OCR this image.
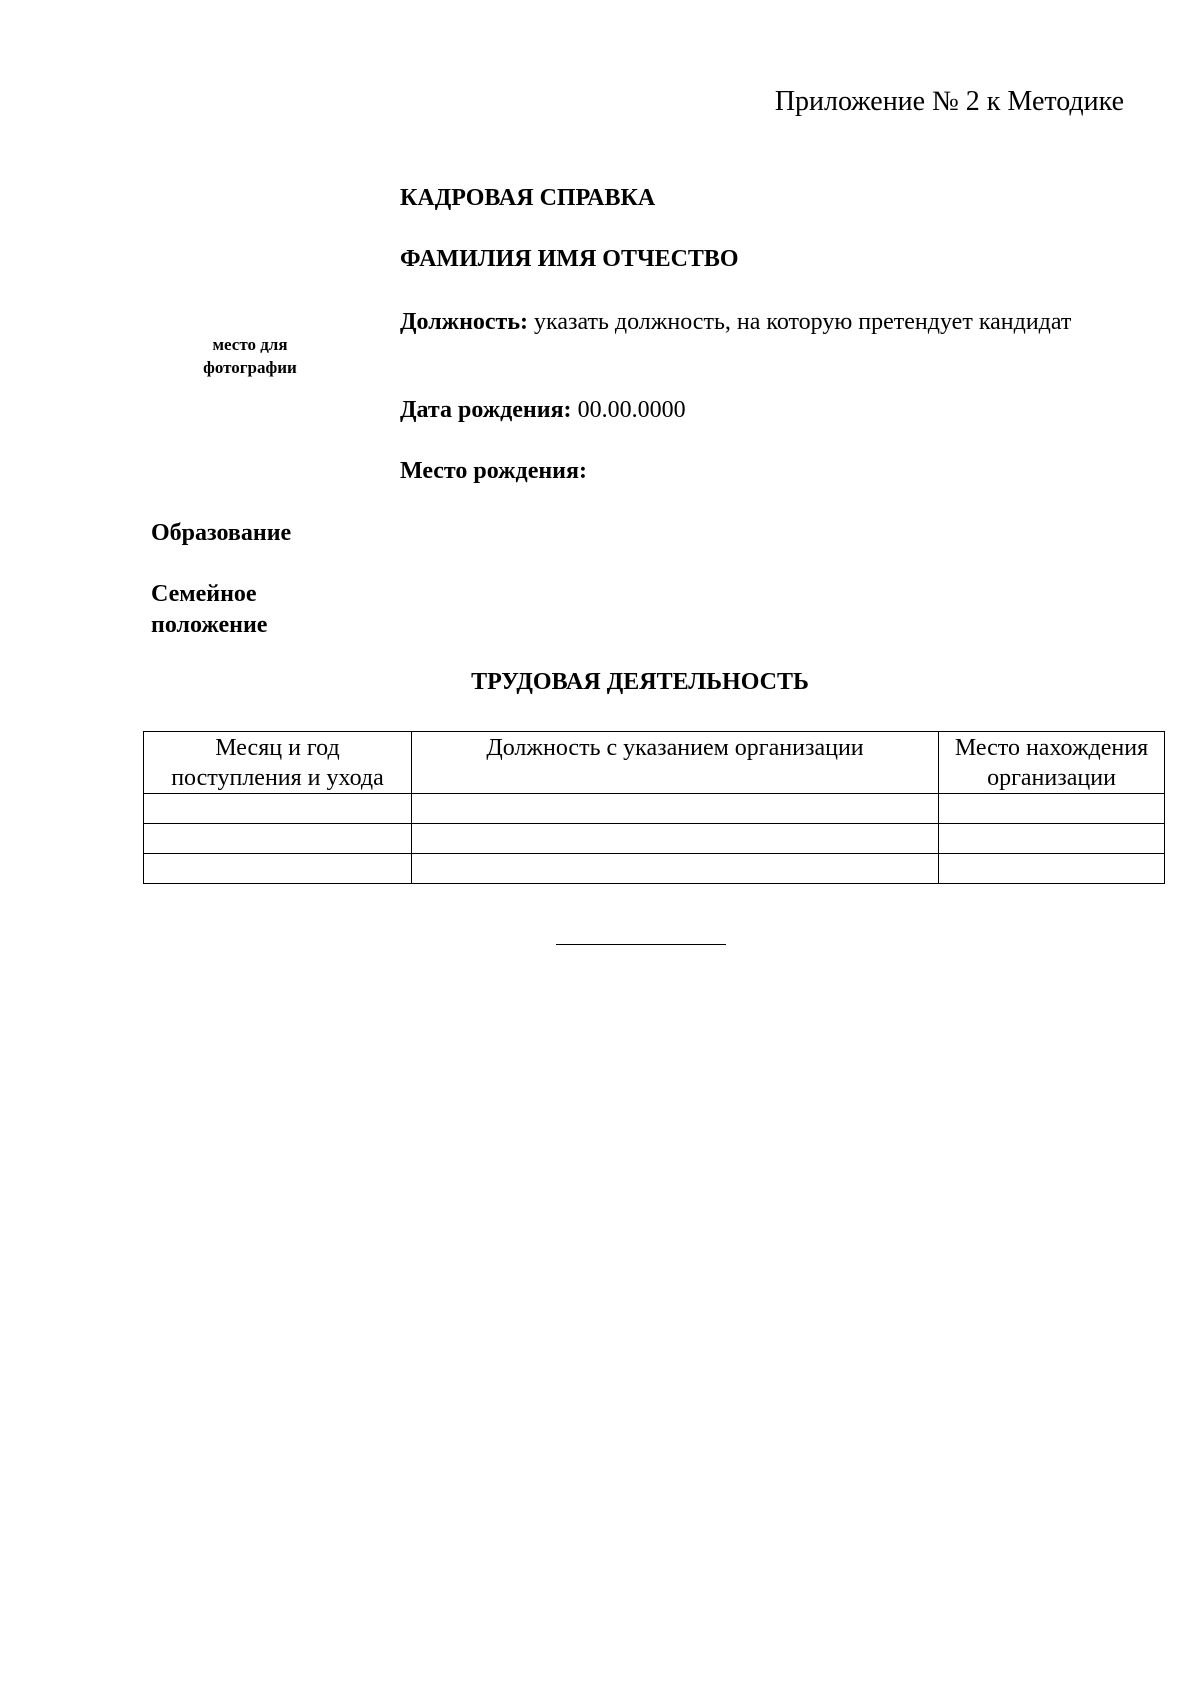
Приложение № 2 к Методике
КАДРОВАЯ СПРАВКА
ФАМИЛИЯ ИМЯ ОТЧЕСТВО
место для
фотографии
Должность: указать должность, на которую претендует кандидат
Дата рождения: 00.00.0000
Место рождения:
Образование
Семейное положение
ТРУДОВАЯ ДЕЯТЕЛЬНОСТЬ
Месяц и год поступления и ухода	Должность с указанием организации	Место нахождения организации
